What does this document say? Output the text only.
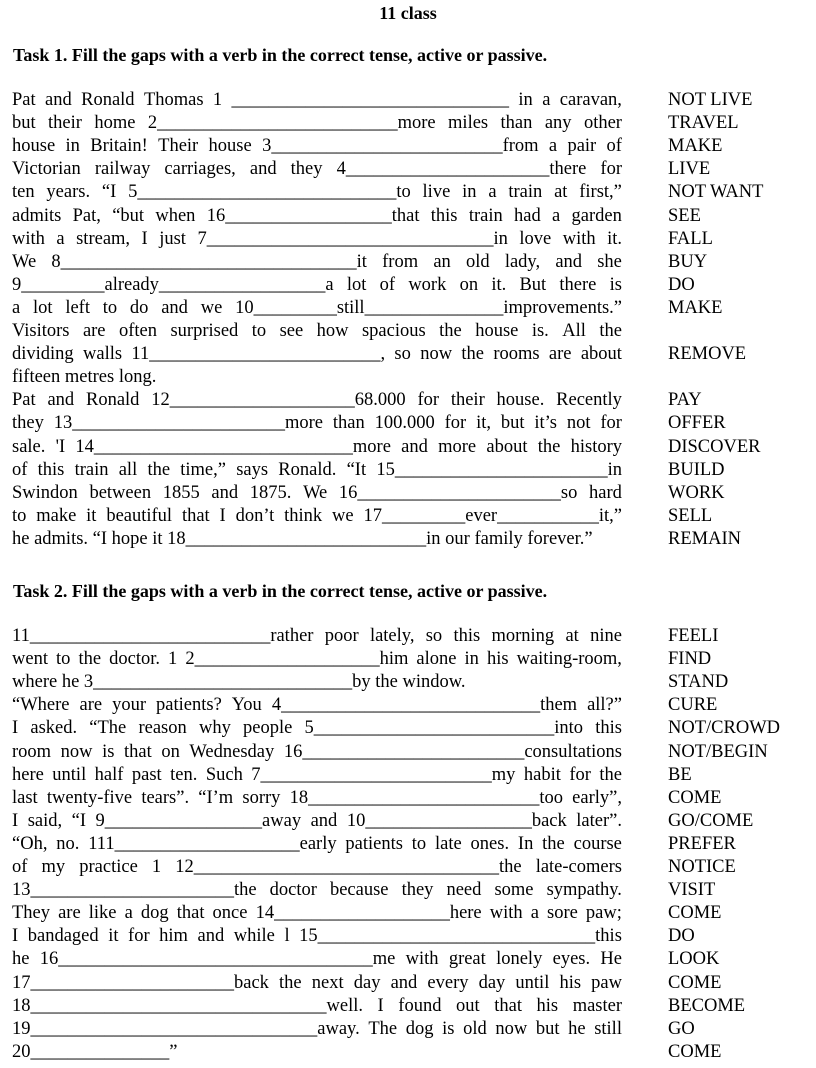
11 class
Task 1. Fill the gaps with a verb in the correct tense, active or passive.
Pat and Ronald Thomas 1 ______________________________ in a caravan, NOT LIVE
but their home 2__________________________more miles than any other TRAVEL
house in Britain! Their house 3_________________________from a pair of MAKE
Victorian railway carriages, and they 4______________________there for LIVE
ten years. “I 5____________________________to live in a train at first,” NOT WANT
admits Pat, “but when 16__________________that this train had a garden SEE
with a stream, I just 7_______________________________in love with it. FALL
We 8________________________________it from an old lady, and she BUY
9_________already__________________a lot of work on it. But there is DO
a lot left to do and we 10_________still_______________improvements.” MAKE
Visitors are often surprised to see how spacious the house is. All the
dividing walls 11_________________________, so now the rooms are about REMOVE
fifteen metres long.
Pat and Ronald 12____________________68.000 for their house. Recently PAY
they 13_______________________more than 100.000 for it, but it’s not for OFFER
sale. 'I 14____________________________more and more about the history DISCOVER
of this train all the time,” says Ronald. “It 15_______________________in BUILD
Swindon between 1855 and 1875. We 16______________________so hard WORK
to make it beautiful that I don’t think we 17_________ever___________it,” SELL
he admits. “I hope it 18__________________________in our family forever.”	REMAIN
Task 2. Fill the gaps with a verb in the correct tense, active or passive.
11__________________________rather poor lately, so this morning at nine FEELI
went to the doctor. 1 2____________________him alone in his waiting-room, FIND
where he 3____________________________by the window.	STAND
“Where are your patients? You 4____________________________them all?” CURE
I asked. “The reason why people 5__________________________into this NOT/CROWD
room now is that on Wednesday 16________________________consultations NOT/BEGIN
here until half past ten. Such 7_________________________my habit for the BE
last twenty-five tears”. “I’m sorry 18_________________________too early”, COME
I said, “I 9_________________away and 10__________________back later”. GO/COME
“Oh, no. 111____________________early patients to late ones. In the course PREFER
of my practice 1 12_________________________________the late-comers NOTICE
13______________________the doctor because they need some sympathy. VISIT
They are like a dog that once 14___________________here with a sore paw; COME
I bandaged it for him and while l 15______________________________this DO
he 16__________________________________me with great lonely eyes. He LOOK
17______________________back the next day and every day until his paw COME
18________________________________well. I found out that his master BECOME
19_______________________________away. The dog is old now but he still GO
20_______________”	COME
